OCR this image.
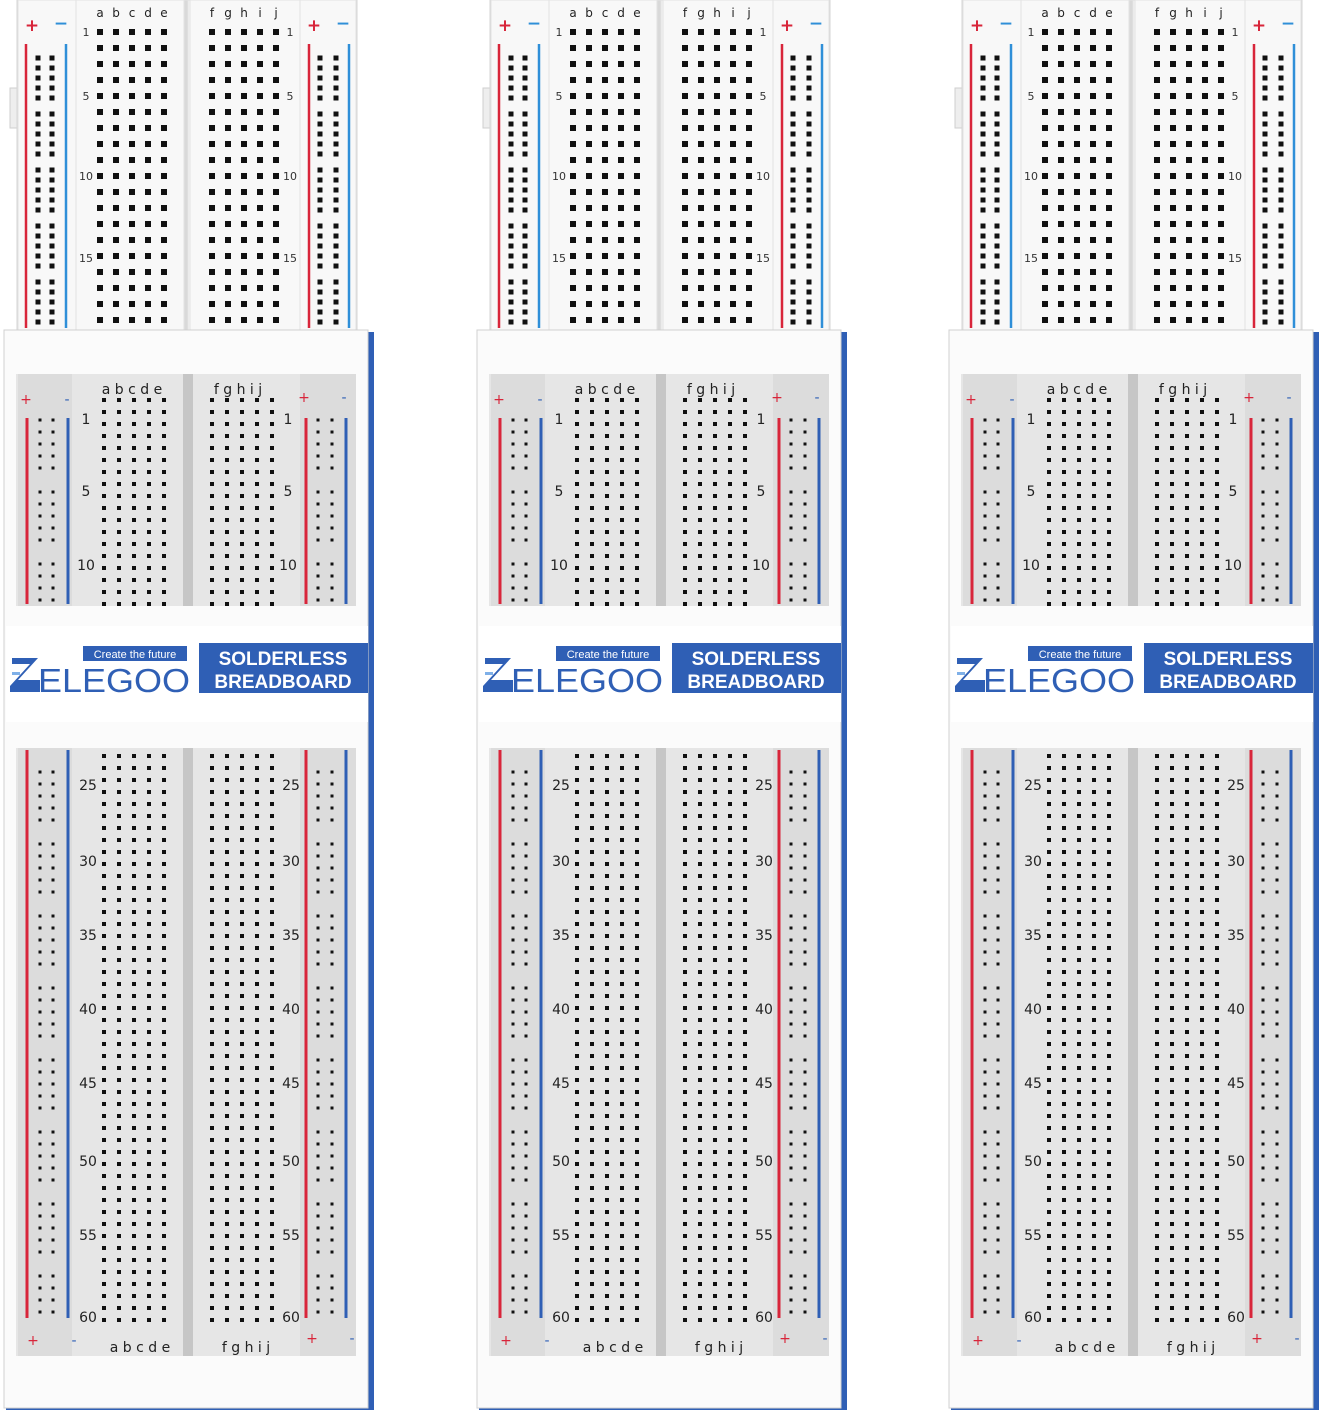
+ −	+ −
a b c d e	f g h i j
1	1
5	5
10	10
15	15
+ -	+ -
a b c d e	f g h i j
1	1
5	5
10	10
25	25
30	30
35	35
40	40
45	45
50	50
55	55
60	60
+ -	+ -
a b c d e	f g h i j
Create the future
ELEGOO
SOLDERLESS
BREADBOARD
+ −	+ −
a b c d e	f g h i j
1	1
5	5
10	10
15	15
+ -	+ -
a b c d e	f g h i j
1	1
5	5
10	10
25	25
30	30
35	35
40	40
45	45
50	50
55	55
60	60
+ -	+ -
a b c d e	f g h i j
Create the future
ELEGOO
SOLDERLESS
BREADBOARD
+ −	+ −
a b c d e	f g h i j
1	1
5	5
10	10
15	15
+ -	+ -
a b c d e	f g h i j
1	1
5	5
10	10
25	25
30	30
35	35
40	40
45	45
50	50
55	55
60	60
+ -	+ -
a b c d e	f g h i j
Create the future
ELEGOO
SOLDERLESS
BREADBOARD
